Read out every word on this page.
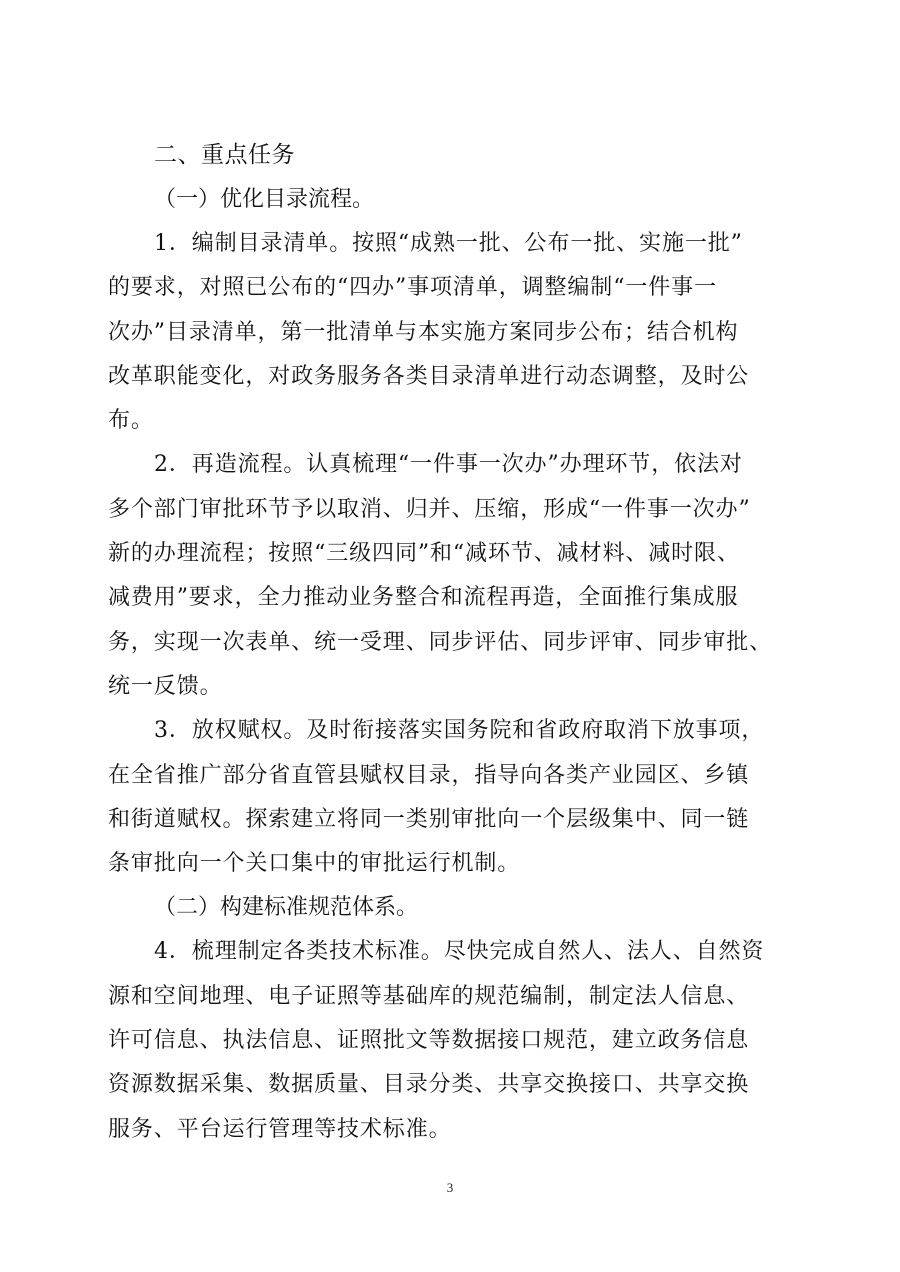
二、重点任务

（一）优化目录流程。

1．编制目录清单。按照“成熟一批、公布一批、实施一批”
的要求，对照已公布的“四办”事项清单，调整编制“一件事一
次办”目录清单，第一批清单与本实施方案同步公布；结合机构
改革职能变化，对政务服务各类目录清单进行动态调整，及时公
布。
2．再造流程。认真梳理“一件事一次办”办理环节，依法对
多个部门审批环节予以取消、归并、压缩，形成“一件事一次办”
新的办理流程；按照“三级四同”和“减环节、减材料、减时限、
减费用”要求，全力推动业务整合和流程再造，全面推行集成服
务，实现一次表单、统一受理、同步评估、同步评审、同步审批、
统一反馈。
3．放权赋权。及时衔接落实国务院和省政府取消下放事项，
在全省推广部分省直管县赋权目录，指导向各类产业园区、乡镇
和街道赋权。探索建立将同一类别审批向一个层级集中、同一链
条审批向一个关口集中的审批运行机制。

（二）构建标准规范体系。

4．梳理制定各类技术标准。尽快完成自然人、法人、自然资
源和空间地理、电子证照等基础库的规范编制，制定法人信息、
许可信息、执法信息、证照批文等数据接口规范，建立政务信息
资源数据采集、数据质量、目录分类、共享交换接口、共享交换
服务、平台运行管理等技术标准。
3
